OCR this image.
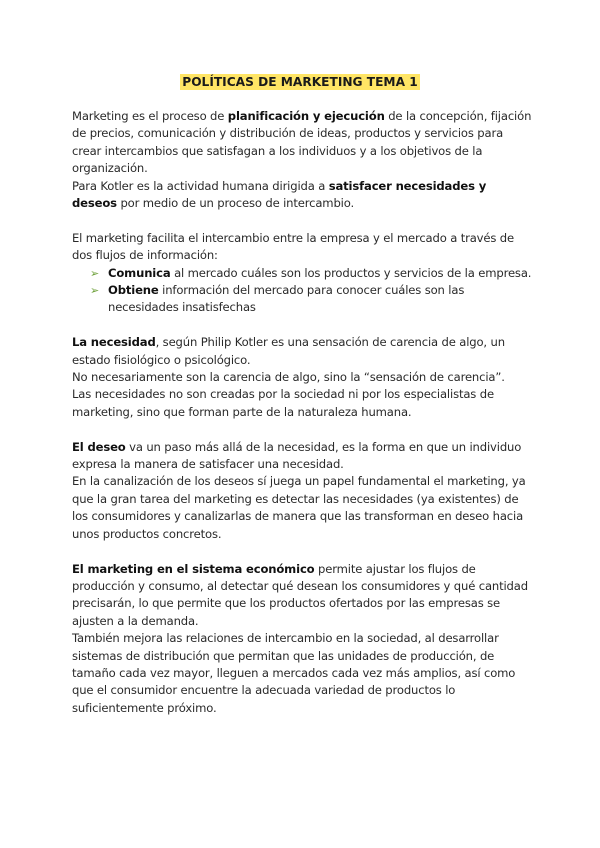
POLÍTICAS DE MARKETING TEMA 1

Marketing es el proceso de planificación y ejecución de la concepción, fijación de precios, comunicación y distribución de ideas, productos y servicios para crear intercambios que satisfagan a los individuos y a los objetivos de la organización.

Para Kotler es la actividad humana dirigida a satisfacer necesidades y deseos por medio de un proceso de intercambio.

El marketing facilita el intercambio entre la empresa y el mercado a través de dos flujos de información:

➢ Comunica al mercado cuáles son los productos y servicios de la empresa.
➢ Obtiene información del mercado para conocer cuáles son las necesidades insatisfechas

La necesidad, según Philip Kotler es una sensación de carencia de algo, un estado fisiológico o psicológico.

No necesariamente son la carencia de algo, sino la “sensación de carencia”.

Las necesidades no son creadas por la sociedad ni por los especialistas de marketing, sino que forman parte de la naturaleza humana.

El deseo va un paso más allá de la necesidad, es la forma en que un individuo expresa la manera de satisfacer una necesidad.

En la canalización de los deseos sí juega un papel fundamental el marketing, ya que la gran tarea del marketing es detectar las necesidades (ya existentes) de los consumidores y canalizarlas de manera que las transforman en deseo hacia unos productos concretos.

El marketing en el sistema económico permite ajustar los flujos de producción y consumo, al detectar qué desean los consumidores y qué cantidad precisarán, lo que permite que los productos ofertados por las empresas se ajusten a la demanda.

También mejora las relaciones de intercambio en la sociedad, al desarrollar sistemas de distribución que permitan que las unidades de producción, de tamaño cada vez mayor, lleguen a mercados cada vez más amplios, así como que el consumidor encuentre la adecuada variedad de productos lo suficientemente próximo.
